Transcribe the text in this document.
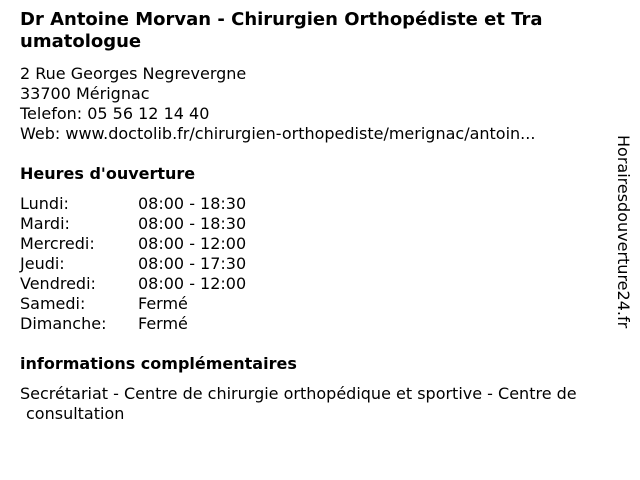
Dr Antoine Morvan - Chirurgien Orthopédiste et Tra
umatologue
2 Rue Georges Negrevergne
33700 Mérignac
Telefon: 05 56 12 14 40
Web: www.doctolib.fr/chirurgien-orthopediste/merignac/antoin...
Heures d'ouverture
Lundi:	08:00 - 18:30
Mardi:	08:00 - 18:30
Mercredi:	08:00 - 12:00
Jeudi:	08:00 - 17:30
Vendredi:	08:00 - 12:00
Samedi:	Fermé
Dimanche: Fermé
informations complémentaires
Secrétariat - Centre de chirurgie orthopédique et sportive - Centre de
consultation
Horairesdouverture24.fr
